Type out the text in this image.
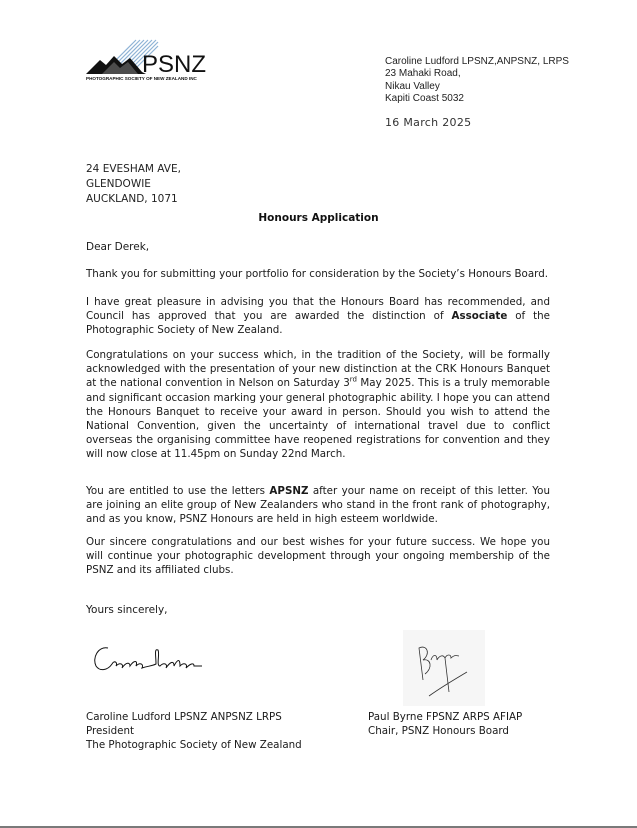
PSNZ
PHOTOGRAPHIC SOCIETY OF NEW ZEALAND INC
Caroline Ludford LPSNZ,ANPSNZ, LRPS
23 Mahaki Road,
Nikau Valley
Kapiti Coast 5032
16 March 2025
24 EVESHAM AVE,
GLENDOWIE
AUCKLAND, 1071
Honours Application
Dear Derek,
Thank you for submitting your portfolio for consideration by the Society’s Honours Board.
I have great pleasure in advising you that the Honours Board has recommended, and Council has approved that you are awarded the distinction of Associate of the Photographic Society of New Zealand.
Congratulations on your success which, in the tradition of the Society, will be formally acknowledged with the presentation of your new distinction at the CRK Honours Banquet at the national convention in Nelson on Saturday 3rd May 2025. This is a truly memorable and significant occasion marking your general photographic ability. I hope you can attend the Honours Banquet to receive your award in person. Should you wish to attend the National Convention, given the uncertainty of international travel due to conflict overseas the organising committee have reopened registrations for convention and they will now close at 11.45pm on Sunday 22nd March.
You are entitled to use the letters APSNZ after your name on receipt of this letter. You are joining an elite group of New Zealanders who stand in the front rank of photography, and as you know, PSNZ Honours are held in high esteem worldwide.
Our sincere congratulations and our best wishes for your future success. We hope you will continue your photographic development through your ongoing membership of the PSNZ and its affiliated clubs.
Yours sincerely,
Caroline Ludford LPSNZ ANPSNZ LRPS
President
The Photographic Society of New Zealand
Paul Byrne FPSNZ ARPS AFIAP
Chair, PSNZ Honours Board
